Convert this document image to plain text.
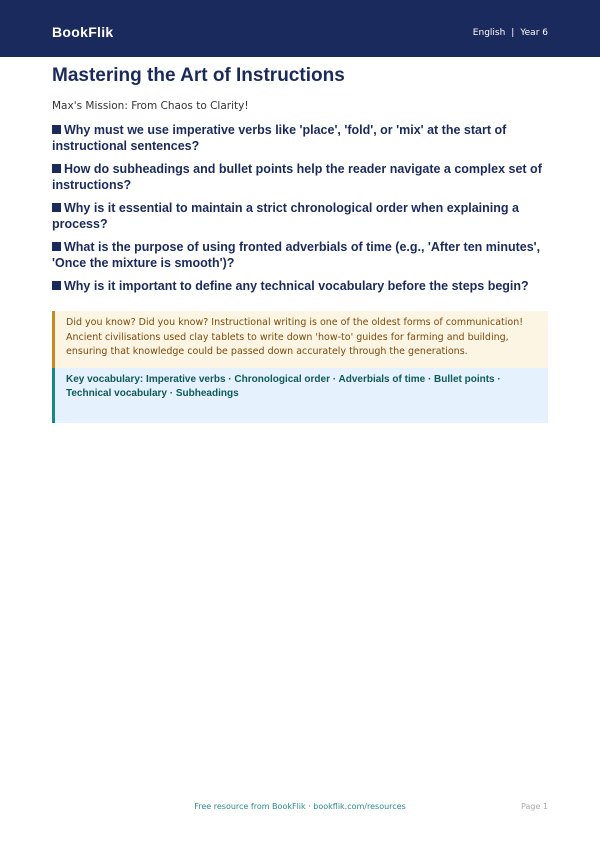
BookFlik	English | Year 6
Mastering the Art of Instructions

Max's Mission: From Chaos to Clarity!

Why must we use imperative verbs like 'place', 'fold', or 'mix' at the start of instructional sentences?
How do subheadings and bullet points help the reader navigate a complex set of instructions?
Why is it essential to maintain a strict chronological order when explaining a process?
What is the purpose of using fronted adverbials of time (e.g., 'After ten minutes', 'Once the mixture is smooth')?
Why is it important to define any technical vocabulary before the steps begin?
Did you know? Did you know? Instructional writing is one of the oldest forms of communication! Ancient civilisations used clay tablets to write down 'how-to' guides for farming and building, ensuring that knowledge could be passed down accurately through the generations.
Key vocabulary: Imperative verbs · Chronological order · Adverbials of time · Bullet points · Technical vocabulary · Subheadings
Free resource from BookFlik · bookflik.com/resources	Page 1
